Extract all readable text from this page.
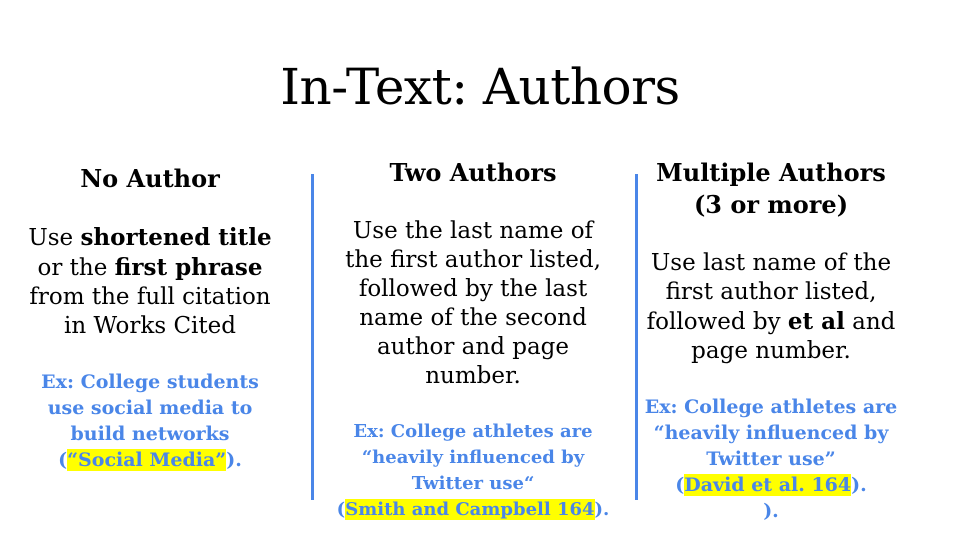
In-Text: Authors
No Author
Use shortened title
or the first phrase
from the full citation
in Works Cited
Ex: College students
use social media to
build networks
(“Social Media”).
Two Authors
Use the last name of
the first author listed,
followed by the last
name of the second
author and page
number.
Ex: College athletes are
“heavily influenced by
Twitter use“
(Smith and Campbell 164).
Multiple Authors
(3 or more)
Use last name of the
first author listed,
followed by et al and
page number.
Ex: College athletes are
“heavily influenced by
Twitter use”
(David et al. 164).
).
